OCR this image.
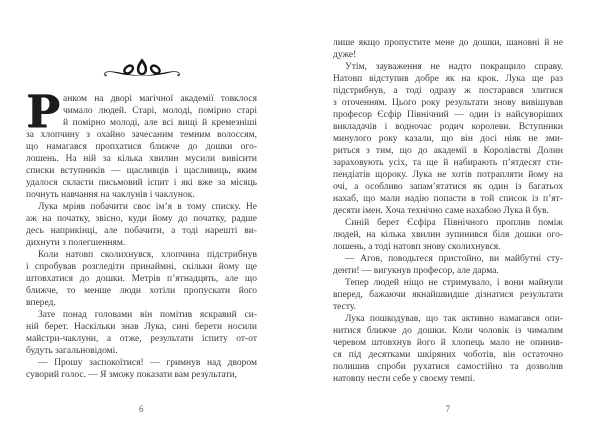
Р анком на дворі магічної академії товклося
чимало людей. Старі, молоді, помірно старі
й помірно молоді, але всі вищі й кремезніші
за хлопчину з охайно зачесаним темним волоссям,
що намагався пропхатися ближче до дошки ого-
лошень. На ній за кілька хвилин мусили вивісити
списки вступників — щасливців і щасливиць, яким
удалося скласти письмовий іспит і які вже за місяць
почнуть навчання на чаклунів і чаклунок.
Лука мріяв побачити своє ім’я в тому списку. Не
аж на початку, звісно, куди йому до початку, радше
десь наприкінці, але побачити, а тоді нарешті ви-
дихнути з полегшенням.
Коли натовп сколихнувся, хлопчина підстрибнув
і спробував розгледіти принаймні, скільки йому ще
штовхатися до дошки. Метрів п’ятнадцять, але що
ближче, то менше люди хотіли пропускати його
вперед.
Зате понад головами він помітив яскравий си-
ній берет. Наскільки знав Лука, сині берети носили
майстри-чаклуни, а отже, результати іспиту от-от
будуть загальновідомі.
— Прошу заспокоїтися! — гримнув над двором
суворий голос. — Я зможу показати вам результати,
6
лише якщо пропустите мене до дошки, шановні й не
дуже!
Утім, зауваження не надто покращило справу.
Натовп відступив добре як на крок. Лука ще раз
підстрибнув, а тоді одразу ж постарався злитися
з оточенням. Цього року результати знову вивішував
професор Єсфір Північний — один із найсуворіших
викладачів і водночас родич королеви. Вступники
минулого року казали, що він досі ніяк не зми-
риться з тим, що до академії в Королівстві Долин
зараховують усіх, та ще й набирають п’ятдесят сти-
пендіатів щороку. Лука не хотів потрапляти йому на
очі, а особливо запам’ятатися як один із багатьох
нахаб, що мали надію попасти в той список із п’ят-
десяти імен. Хоча технічно саме нахабою Лука й був.
Синій берет Єсфіра Північного проплив поміж
людей, на кілька хвилин зупинився біля дошки ого-
лошень, а тоді натовп знову сколихнувся.
— Агов, поводьтеся пристойно, ви майбутні сту-
денти! — вигукнув професор, але дарма.
Тепер людей ніщо не стримувало, і вони майнули
вперед, бажаючи якнайшвидше дізнатися результати
тесту.
Лука пошкодував, що так активно намагався опи-
нитися ближче до дошки. Коли чоловік із чималим
черевом штовхнув його й хлопець мало не опинив-
ся під десятками шкіряних чоботів, він остаточно
полишив спроби рухатися самостійно та дозволив
натовпу нести себе у своєму темпі.
7
